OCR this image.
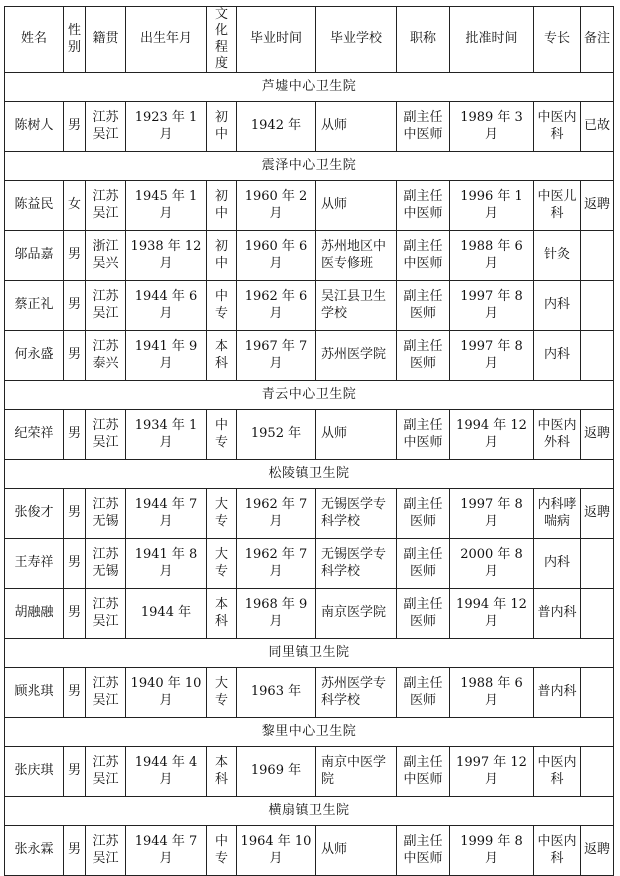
姓名	性别	籍贯	出生年月	文化程度	毕业时间	毕业学校	职称	批准时间	专长	备注
芦墟中心卫生院										
陈树人	男	江苏吴江	1923 年 1 月	初中	1942 年	从师	副主任中医师	1989 年 3 月	中医内科	已故
震泽中心卫生院										
陈益民	女	江苏吴江	1945 年 1 月	初中	1960 年 2 月	从师	副主任中医师	1996 年 1 月	中医儿科	返聘
邬品嘉	男	浙江吴兴	1938 年 12 月	初中	1960 年 6 月	苏州地区中医专修班	副主任中医师	1988 年 6 月	针灸	
蔡正礼	男	江苏吴江	1944 年 6 月	中专	1962 年 6 月	吴江县卫生学校	副主任医师	1997 年 8 月	内科	
何永盛	男	江苏泰兴	1941 年 9 月	本科	1967 年 7 月	苏州医学院	副主任医师	1997 年 8 月	内科	
青云中心卫生院										
纪荣祥	男	江苏吴江	1934 年 1 月	中专	1952 年	从师	副主任中医师	1994 年 12 月	中医内外科	返聘
松陵镇卫生院										
张俊才	男	江苏无锡	1944 年 7 月	大专	1962 年 7 月	无锡医学专科学校	副主任医师	1997 年 8 月	内科哮喘病	返聘
王寿祥	男	江苏无锡	1941 年 8 月	大专	1962 年 7 月	无锡医学专科学校	副主任医师	2000 年 8 月	内科	
胡融融	男	江苏吴江	1944 年	本科	1968 年 9 月	南京医学院	副主任医师	1994 年 12 月	普内科	
同里镇卫生院										
顾兆琪	男	江苏吴江	1940 年 10 月	大专	1963 年	苏州医学专科学校	副主任医师	1988 年 6 月	普内科	
黎里中心卫生院										
张庆琪	男	江苏吴江	1944 年 4 月	本科	1969 年	南京中医学院	副主任中医师	1997 年 12 月	中医内科	
横扇镇卫生院										
张永霖	男	江苏吴江	1944 年 7 月	中专	1964 年 10 月	从师	副主任中医师	1999 年 8 月	中医内科	返聘
